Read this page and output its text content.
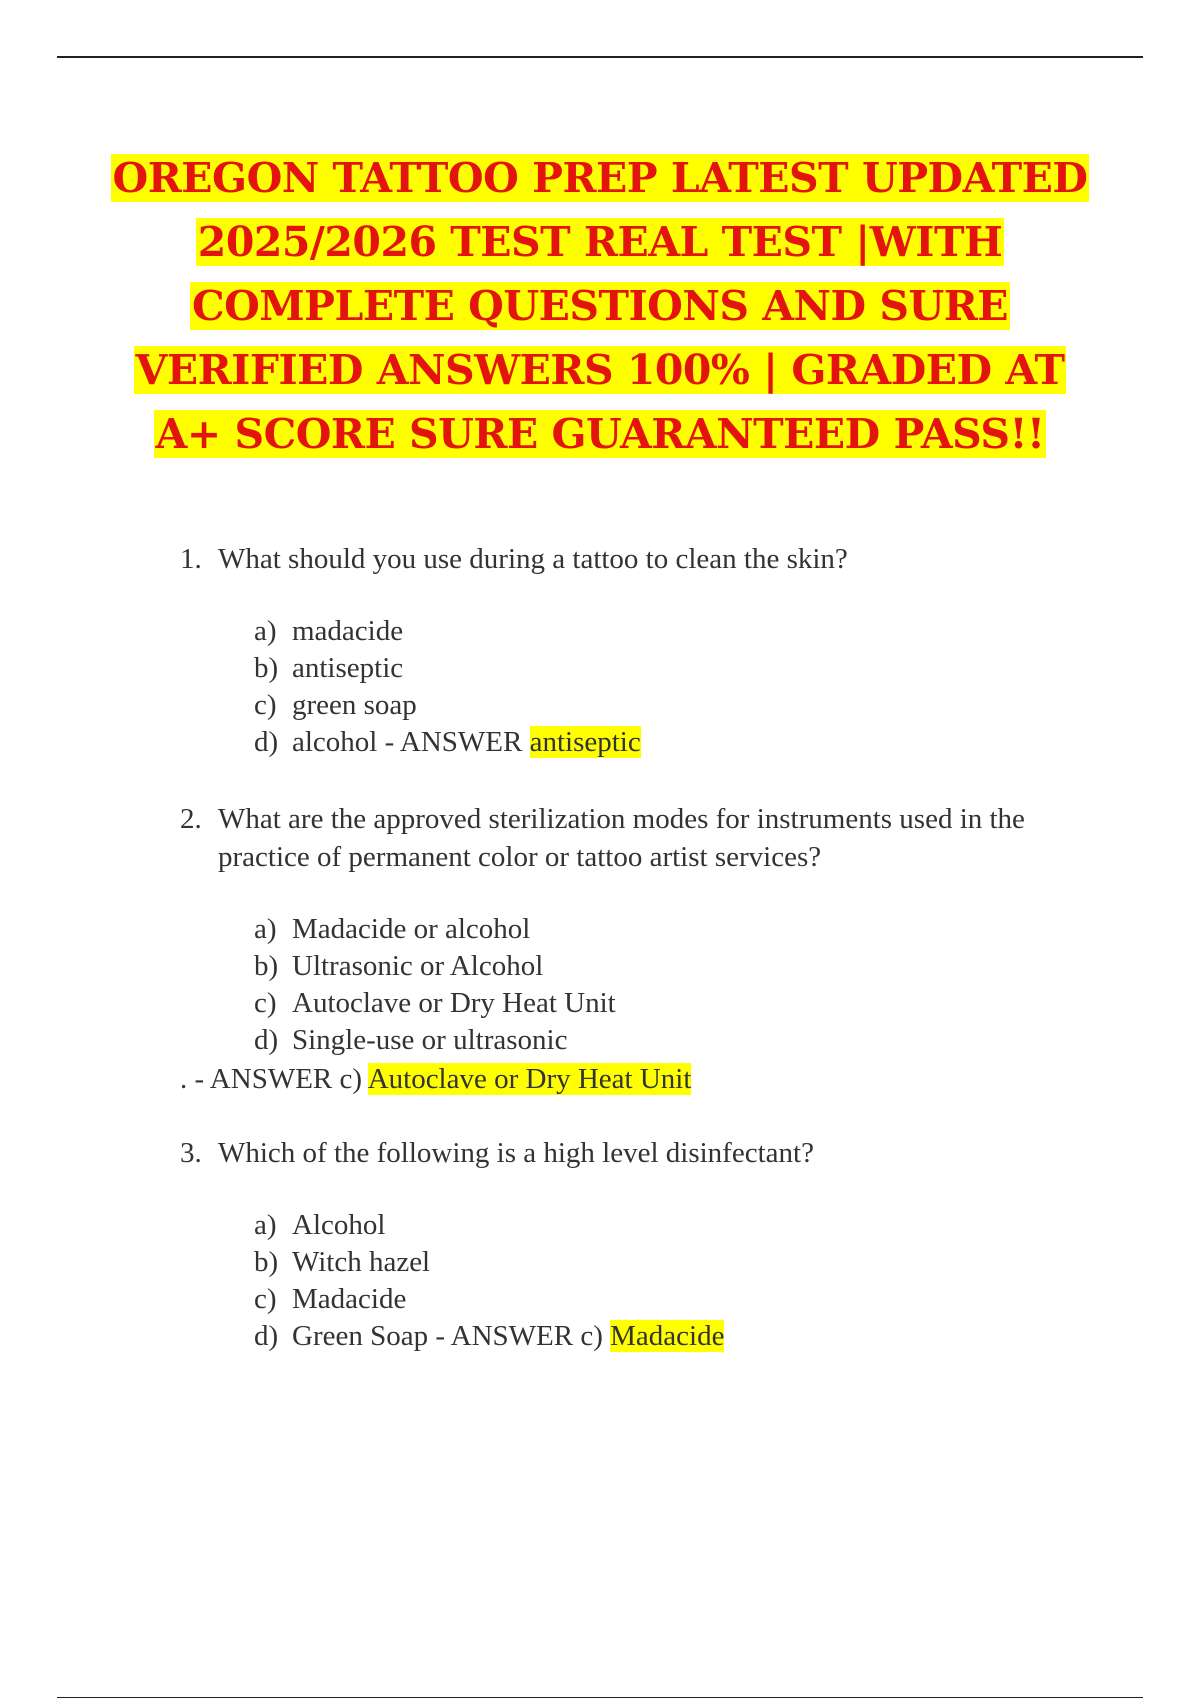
OREGON TATTOO PREP LATEST UPDATED
2025/2026 TEST REAL TEST |WITH
COMPLETE QUESTIONS AND SURE
VERIFIED ANSWERS 100% | GRADED AT
A+ SCORE SURE GUARANTEED PASS!!
1. What should you use during a tattoo to clean the skin?
a) madacide
b) antiseptic
c) green soap
d) alcohol - ANSWER antiseptic
2. What are the approved sterilization modes for instruments used in the practice of permanent color or tattoo artist services?
a) Madacide or alcohol
b) Ultrasonic or Alcohol
c) Autoclave or Dry Heat Unit
d) Single-use or ultrasonic
. - ANSWER c) Autoclave or Dry Heat Unit
3. Which of the following is a high level disinfectant?
a) Alcohol
b) Witch hazel
c) Madacide
d) Green Soap - ANSWER c) Madacide
